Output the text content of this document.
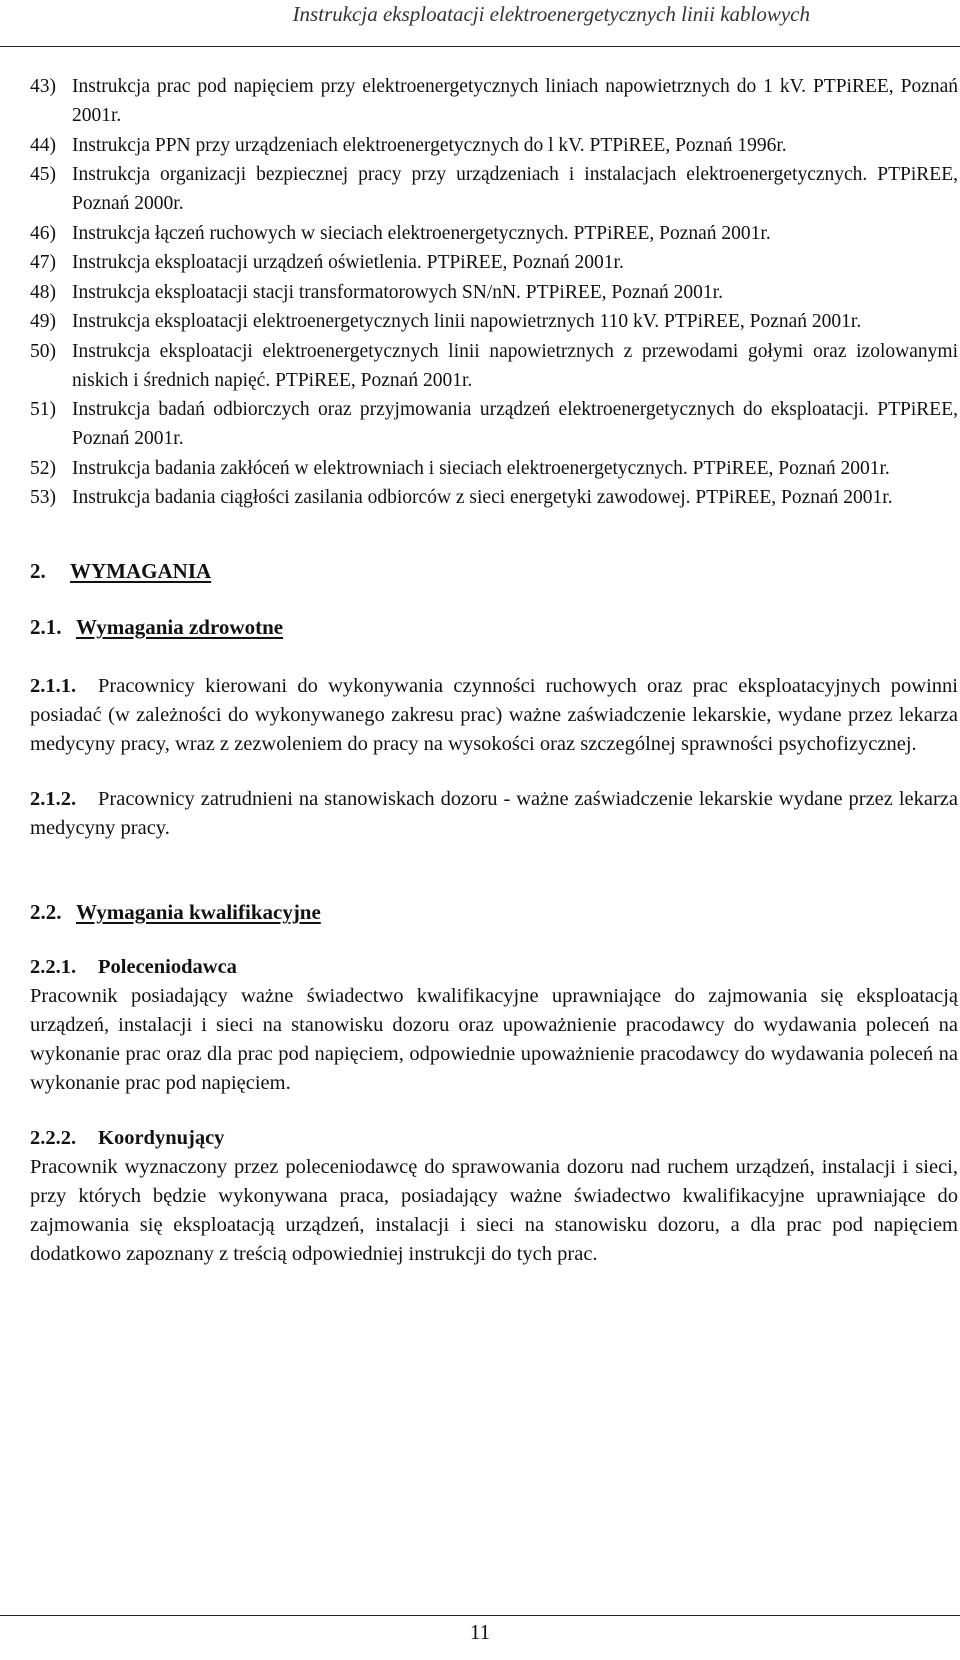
Instrukcja eksploatacji elektroenergetycznych linii kablowych
43) Instrukcja prac pod napięciem przy elektroenergetycznych liniach napowietrznych do 1 kV. PTPiREE, Poznań 2001r.
44) Instrukcja PPN przy urządzeniach elektroenergetycznych do l kV. PTPiREE, Poznań 1996r.
45) Instrukcja organizacji bezpiecznej pracy przy urządzeniach i instalacjach elektroenergetycznych. PTPiREE, Poznań 2000r.
46) Instrukcja łączeń ruchowych w sieciach elektroenergetycznych. PTPiREE, Poznań 2001r.
47) Instrukcja eksploatacji urządzeń oświetlenia. PTPiREE, Poznań 2001r.
48) Instrukcja eksploatacji stacji transformatorowych SN/nN. PTPiREE, Poznań 2001r.
49) Instrukcja eksploatacji elektroenergetycznych linii napowietrznych 110 kV. PTPiREE, Poznań 2001r.
50) Instrukcja eksploatacji elektroenergetycznych linii napowietrznych z przewodami gołymi oraz izolowanymi niskich i średnich napięć. PTPiREE, Poznań 2001r.
51) Instrukcja badań odbiorczych oraz przyjmowania urządzeń elektroenergetycznych do eksploatacji. PTPiREE, Poznań 2001r.
52) Instrukcja badania zakłóceń w elektrowniach i sieciach elektroenergetycznych. PTPiREE, Poznań 2001r.
53) Instrukcja badania ciągłości zasilania odbiorców z sieci energetyki zawodowej. PTPiREE, Poznań 2001r.
2. WYMAGANIA
2.1. Wymagania zdrowotne

2.1.1. Pracownicy kierowani do wykonywania czynności ruchowych oraz prac eksploatacyjnych powinni posiadać (w zależności do wykonywanego zakresu prac) ważne zaświadczenie lekarskie, wydane przez lekarza medycyny pracy, wraz z zezwoleniem do pracy na wysokości oraz szczególnej sprawności psychofizycznej.

2.1.2. Pracownicy zatrudnieni na stanowiskach dozoru - ważne zaświadczenie lekarskie wydane przez lekarza medycyny pracy.

2.2. Wymagania kwalifikacyjne
2.2.1. Poleceniodawca

Pracownik posiadający ważne świadectwo kwalifikacyjne uprawniające do zajmowania się eksploatacją urządzeń, instalacji i sieci na stanowisku dozoru oraz upoważnienie pracodawcy do wydawania poleceń na wykonanie prac oraz dla prac pod napięciem, odpowiednie upoważnienie pracodawcy do wydawania poleceń na wykonanie prac pod napięciem.

2.2.2. Koordynujący

Pracownik wyznaczony przez poleceniodawcę do sprawowania dozoru nad ruchem urządzeń, instalacji i sieci, przy których będzie wykonywana praca, posiadający ważne świadectwo kwalifikacyjne uprawniające do zajmowania się eksploatacją urządzeń, instalacji i sieci na stanowisku dozoru, a dla prac pod napięciem dodatkowo zapoznany z treścią odpowiedniej instrukcji do tych prac.

11
